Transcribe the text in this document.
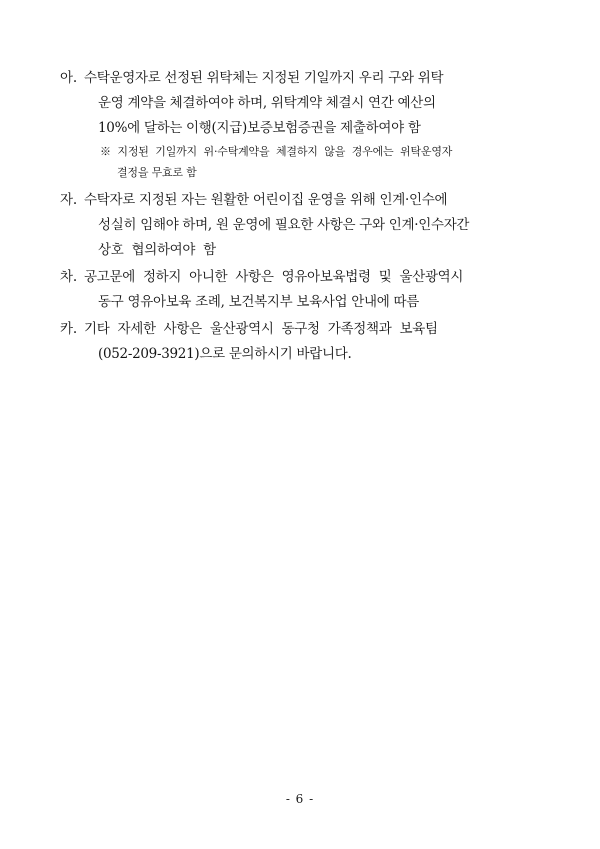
아. 수탁운영자로 선정된 위탁체는 지정된 기일까지 우리 구와 위탁
운영 계약을 체결하여야 하며, 위탁계약 체결시 연간 예산의
10%에 달하는 이행(지급)보증보험증권을 제출하여야 함
※  지정된  기일까지  위·수탁계약을  체결하지  않을  경우에는  위탁운영자
결정을 무효로 함
자. 수탁자로 지정된 자는 원활한 어린이집 운영을 위해 인계·인수에
성실히 임해야 하며, 원 운영에 필요한 사항은 구와 인계·인수자간
상호  협의하여야  함
차. 공고문에  정하지  아니한  사항은  영유아보육법령  및  울산광역시
동구 영유아보육 조례, 보건복지부 보육사업 안내에 따름
카. 기타  자세한  사항은  울산광역시  동구청  가족정책과  보육팀
(052-209-3921)으로 문의하시기 바랍니다.
- 6 -
